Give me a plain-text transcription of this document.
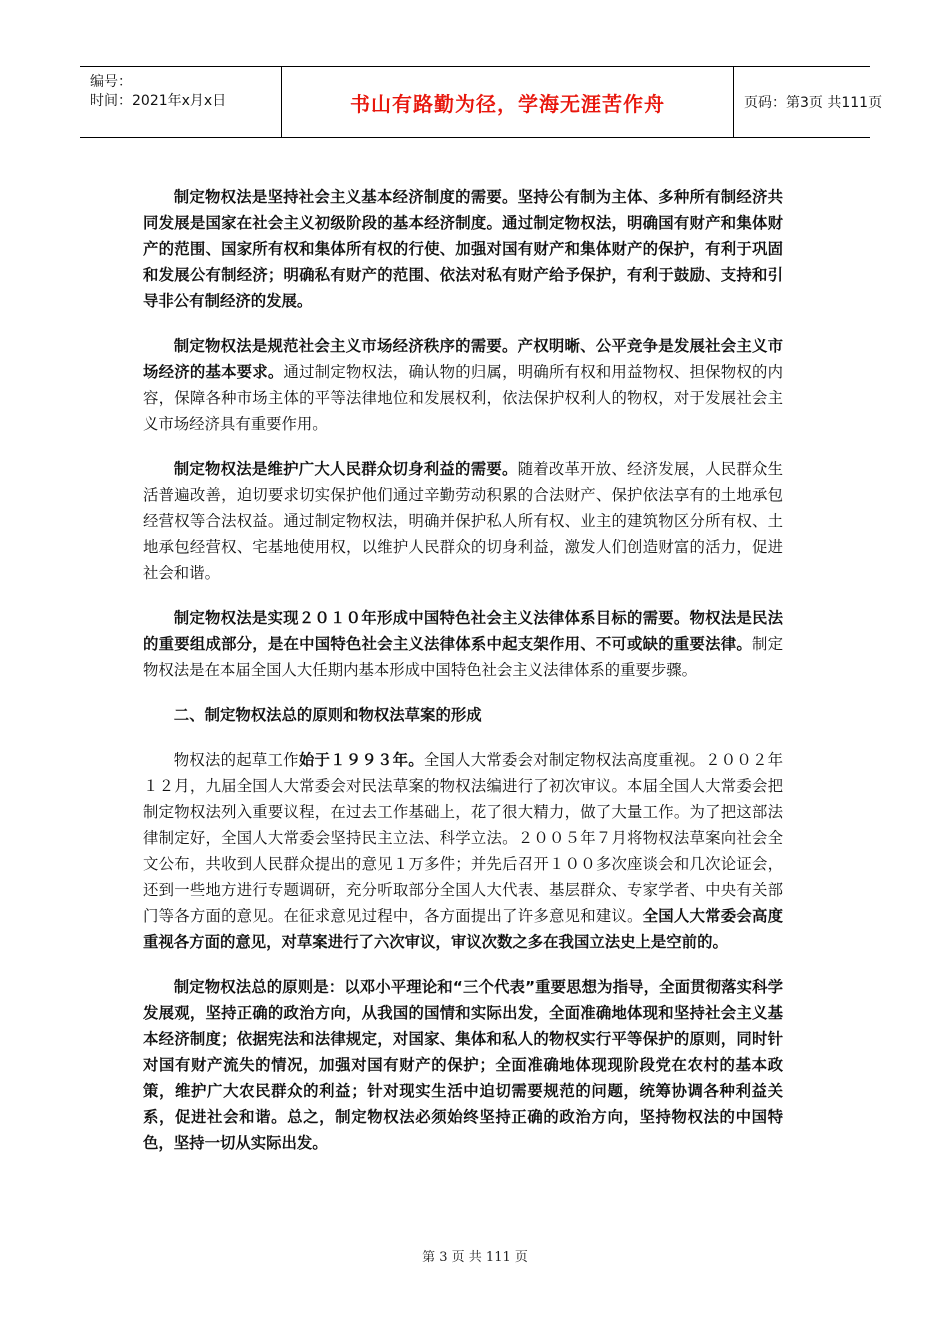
编号：
时间：2021年x月x日	书山有路勤为径，学海无涯苦作舟	页码：第3页 共111页

制定物权法是坚持社会主义基本经济制度的需要。坚持公有制为主体、多种所有制经济共同发展是国家在社会主义初级阶段的基本经济制度。通过制定物权法，明确国有财产和集体财产的范围、国家所有权和集体所有权的行使、加强对国有财产和集体财产的保护，有利于巩固和发展公有制经济；明确私有财产的范围、依法对私有财产给予保护，有利于鼓励、支持和引导非公有制经济的发展。

制定物权法是规范社会主义市场经济秩序的需要。产权明晰、公平竞争是发展社会主义市场经济的基本要求。通过制定物权法，确认物的归属，明确所有权和用益物权、担保物权的内容，保障各种市场主体的平等法律地位和发展权利，依法保护权利人的物权，对于发展社会主义市场经济具有重要作用。

制定物权法是维护广大人民群众切身利益的需要。随着改革开放、经济发展，人民群众生活普遍改善，迫切要求切实保护他们通过辛勤劳动积累的合法财产、保护依法享有的土地承包经营权等合法权益。通过制定物权法，明确并保护私人所有权、业主的建筑物区分所有权、土地承包经营权、宅基地使用权，以维护人民群众的切身利益，激发人们创造财富的活力，促进社会和谐。

制定物权法是实现２０１０年形成中国特色社会主义法律体系目标的需要。物权法是民法的重要组成部分，是在中国特色社会主义法律体系中起支架作用、不可或缺的重要法律。制定物权法是在本届全国人大任期内基本形成中国特色社会主义法律体系的重要步骤。

二、制定物权法总的原则和物权法草案的形成

物权法的起草工作始于１９９３年。全国人大常委会对制定物权法高度重视。２００２年１２月，九届全国人大常委会对民法草案的物权法编进行了初次审议。本届全国人大常委会把制定物权法列入重要议程，在过去工作基础上，花了很大精力，做了大量工作。为了把这部法律制定好，全国人大常委会坚持民主立法、科学立法。２００５年７月将物权法草案向社会全文公布，共收到人民群众提出的意见１万多件；并先后召开１００多次座谈会和几次论证会，还到一些地方进行专题调研，充分听取部分全国人大代表、基层群众、专家学者、中央有关部门等各方面的意见。在征求意见过程中，各方面提出了许多意见和建议。全国人大常委会高度重视各方面的意见，对草案进行了六次审议，审议次数之多在我国立法史上是空前的。

制定物权法总的原则是：以邓小平理论和“三个代表”重要思想为指导，全面贯彻落实科学发展观，坚持正确的政治方向，从我国的国情和实际出发，全面准确地体现和坚持社会主义基本经济制度；依据宪法和法律规定，对国家、集体和私人的物权实行平等保护的原则，同时针对国有财产流失的情况，加强对国有财产的保护；全面准确地体现现阶段党在农村的基本政策，维护广大农民群众的利益；针对现实生活中迫切需要规范的问题，统筹协调各种利益关系，促进社会和谐。总之，制定物权法必须始终坚持正确的政治方向，坚持物权法的中国特色，坚持一切从实际出发。

第 3 页 共 111 页
